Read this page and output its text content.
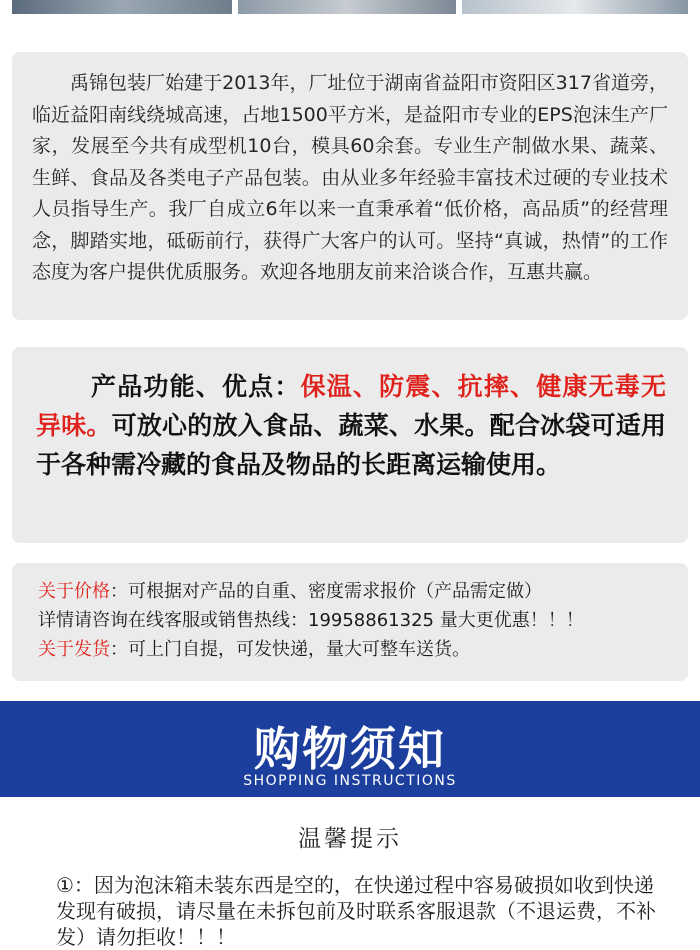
禹锦包装厂始建于2013年，厂址位于湖南省益阳市资阳区317省道旁，临近益阳南线绕城高速，占地1500平方米，是益阳市专业的EPS泡沫生产厂家，发展至今共有成型机10台，模具60余套。专业生产制做水果、蔬菜、生鲜、食品及各类电子产品包装。由从业多年经验丰富技术过硬的专业技术人员指导生产。我厂自成立6年以来一直秉承着“低价格，高品质”的经营理念，脚踏实地，砥砺前行，获得广大客户的认可。坚持“真诚，热情”的工作态度为客户提供优质服务。欢迎各地朋友前来洽谈合作，互惠共赢。

产品功能、优点：保温、防震、抗摔、健康无毒无异味。可放心的放入食品、蔬菜、水果。配合冰袋可适用于各种需冷藏的食品及物品的长距离运输使用。

关于价格：可根据对产品的自重、密度需求报价（产品需定做）
详情请咨询在线客服或销售热线：19958861325 量大更优惠！！！
关于发货：可上门自提，可发快递，量大可整车送货。
购物须知
SHOPPING INSTRUCTIONS
温馨提示

①：因为泡沫箱未装东西是空的，在快递过程中容易破损如收到快递发现有破损，请尽量在未拆包前及时联系客服退款（不退运费，不补发）请勿拒收！！！
